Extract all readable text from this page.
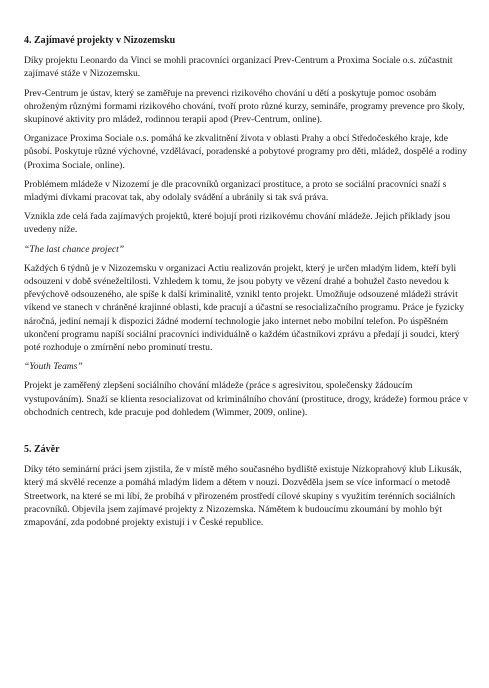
4. Zajímavé projekty v Nizozemsku

Díky projektu Leonardo da Vinci se mohli pracovníci organizací Prev-Centrum a Proxima Sociale o.s. zúčastnit zajímavé stáže v Nizozemsku.

Prev-Centrum je ústav, který se zaměřuje na prevenci rizikového chování u dětí a poskytuje pomoc osobám ohroženým různými formami rizikového chování, tvoří proto různé kurzy, semináře, programy prevence pro školy, skupinové aktivity pro mládež, rodinnou terapii apod (Prev-Centrum, online).

Organizace Proxima Sociale o.s. pomáhá ke zkvalitnění života v oblasti Prahy a obcí Středočeského kraje, kde působí. Poskytuje různé výchovné, vzdělávací, poradenské a pobytové programy pro děti, mládež, dospělé a rodiny (Proxima Sociale, online).

Problémem mládeže v Nizozemí je dle pracovníků organizací prostituce, a proto se sociální pracovníci snaží s mladými dívkami pracovat tak, aby odolaly svádění a ubránily si tak svá práva.

Vznikla zde celá řada zajímavých projektů, které bojují proti rizikovému chování mládeže. Jejich příklady jsou uvedeny níže.

“The last chance project”

Každých 6 týdnů je v Nizozemsku v organizaci Actiu realizován projekt, který je určen mladým lidem, kteří byli odsouzeni v době svéneželtilosti. Vzhledem k tomu, že jsou pobyty ve vězení drahé a bohužel často nevedou k převýchově odsouzeného, ale spíše k další kriminalitě, vznikl tento projekt. Umožňuje odsouzené mládeži strávit víkend ve stanech v chráněné krajinné oblasti, kde pracují a účastní se resocializačního programu. Práce je fyzicky náročná, jediní nemají k dispozici žádné moderní technologie jako internet nebo mobilní telefon. Po úspěšném ukončení programu napíší sociální pracovníci individuálně o každém účastníkovi zprávu a předají ji soudci, který poté rozhoduje o zmírnění nebo prominutí trestu.

“Youth Teams”

Projekt je zaměřený zlepšení sociálního chování mládeže (práce s agresivitou, společensky žádoucím vystupováním). Snaží se klienta resocializovat od kriminálního chování (prostituce, drogy, krádeže) formou práce v obchodních centrech, kde pracuje pod dohledem (Wimmer, 2009, online).

5. Závěr

Díky této seminární práci jsem zjistila, že v místě mého současného bydliště existuje Nízkoprahový klub Likusák, který má skvělé recenze a pomáhá mladým lidem a dětem v nouzi. Dozvěděla jsem se více informací o metodě Streetwork, na které se mi líbí, že probíhá v přirozeném prostředí cílové skupiny s využitím terénních sociálních pracovníků. Objevila jsem zajímavé projekty z Nizozemska. Námětem k budoucímu zkoumání by mohlo být zmapování, zda podobné projekty existují i v České republice.
